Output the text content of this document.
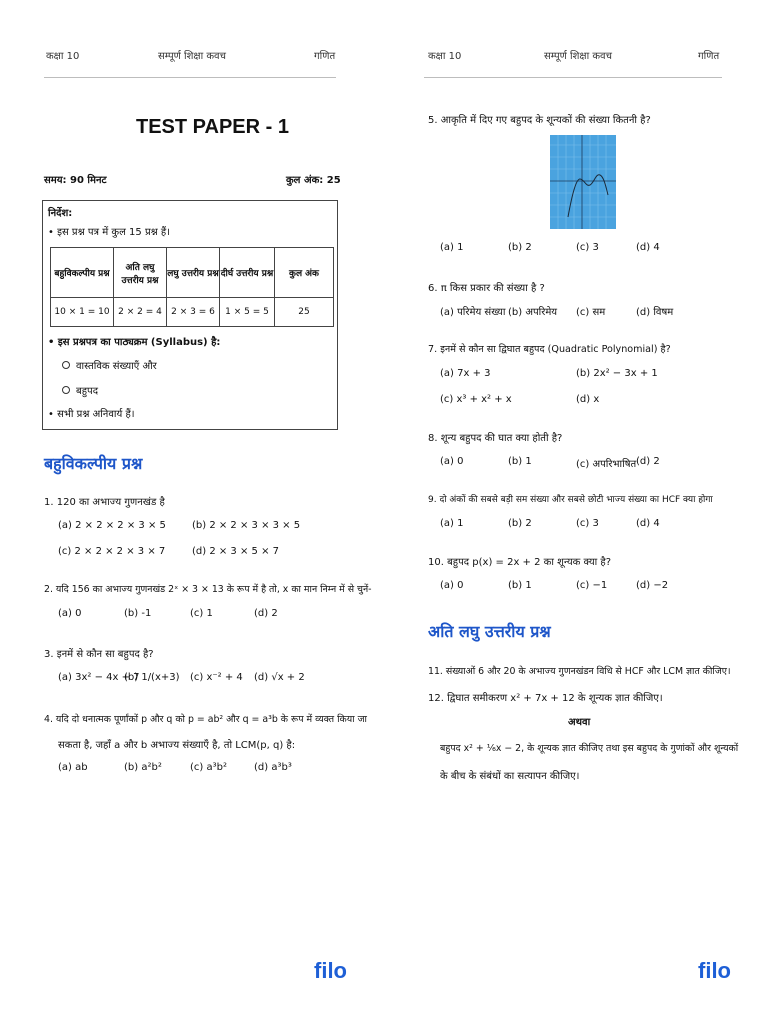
कक्षा 10	सम्पूर्ण शिक्षा कवच	गणित
TEST PAPER - 1
समय: 90 मिनट	कुल अंक: 25
निर्देश:
• इस प्रश्न पत्र में कुल 15 प्रश्न हैं।
बहुविकल्पीय प्रश्न	अति लघु उत्तरीय प्रश्न	लघु उत्तरीय प्रश्न	दीर्घ उत्तरीय प्रश्न	कुल अंक
10 × 1 = 10	2 × 2 = 4	2 × 3 = 6	1 × 5 = 5	25
• इस प्रश्नपत्र का पाठ्यक्रम (Syllabus) है:
वास्तविक संख्याएँ और
बहुपद
• सभी प्रश्न अनिवार्य हैं।
बहुविकल्पीय प्रश्न
1. 120 का अभाज्य गुणनखंड है
(a) 2 × 2 × 2 × 3 × 5	(b) 2 × 2 × 3 × 3 × 5
(c) 2 × 2 × 2 × 3 × 7	(d) 2 × 3 × 5 × 7
2. यदि 156 का अभाज्य गुणनखंड 2ˣ × 3 × 13 के रूप में है तो, x का मान निम्न में से चुनें-
(a) 0	(b) -1	(c) 1	(d) 2
3. इनमें से कौन सा बहुपद है?
(a) 3x² − 4x + 7
(b) 1/(x+3) (c) x⁻² + 4 (d) √x + 2
4. यदि दो धनात्मक पूर्णांकों p और q को p = ab² और q = a³b के रूप में व्यक्त किया जा
सकता है, जहाँ a और b अभाज्य संख्याएँ है, तो LCM(p, q) है:
(a) ab	(b) a²b²	(c) a³b²	(d) a³b³
filo
कक्षा 10	सम्पूर्ण शिक्षा कवच	गणित
5. आकृति में दिए गए बहुपद के शून्यकों की संख्या कितनी है?
(a) 1	(b) 2	(c) 3	(d) 4
6. π किस प्रकार की संख्या है ?
(a) परिमेय संख्या (b) अपरिमेय (c) सम	(d) विषम
7. इनमें से कौन सा द्विघात बहुपद (Quadratic Polynomial) है?
(a) 7x + 3	(b) 2x² − 3x + 1
(c) x³ + x² + x	(d) x
8. शून्य बहुपद की घात क्या होती है?
(a) 0	(b) 1	(c) अपरिभाषित (d) 2
9. दो अंकों की सबसे बड़ी सम संख्या और सबसे छोटी भाज्य संख्या का HCF क्या होगा
(a) 1	(b) 2	(c) 3	(d) 4
10. बहुपद p(x) = 2x + 2 का शून्यक क्या है?
(a) 0	(b) 1	(c) −1	(d) −2
अति लघु उत्तरीय प्रश्न
11. संख्याओं 6 और 20 के अभाज्य गुणनखंडन विधि से HCF और LCM ज्ञात कीजिए।
12. द्विघात समीकरण x² + 7x + 12 के शून्यक ज्ञात कीजिए।
अथवा
बहुपद x² + ⅙x − 2, के शून्यक ज्ञात कीजिए तथा इस बहुपद के गुणांकों और शून्यकों
के बीच के संबंधों का सत्यापन कीजिए।
filo
